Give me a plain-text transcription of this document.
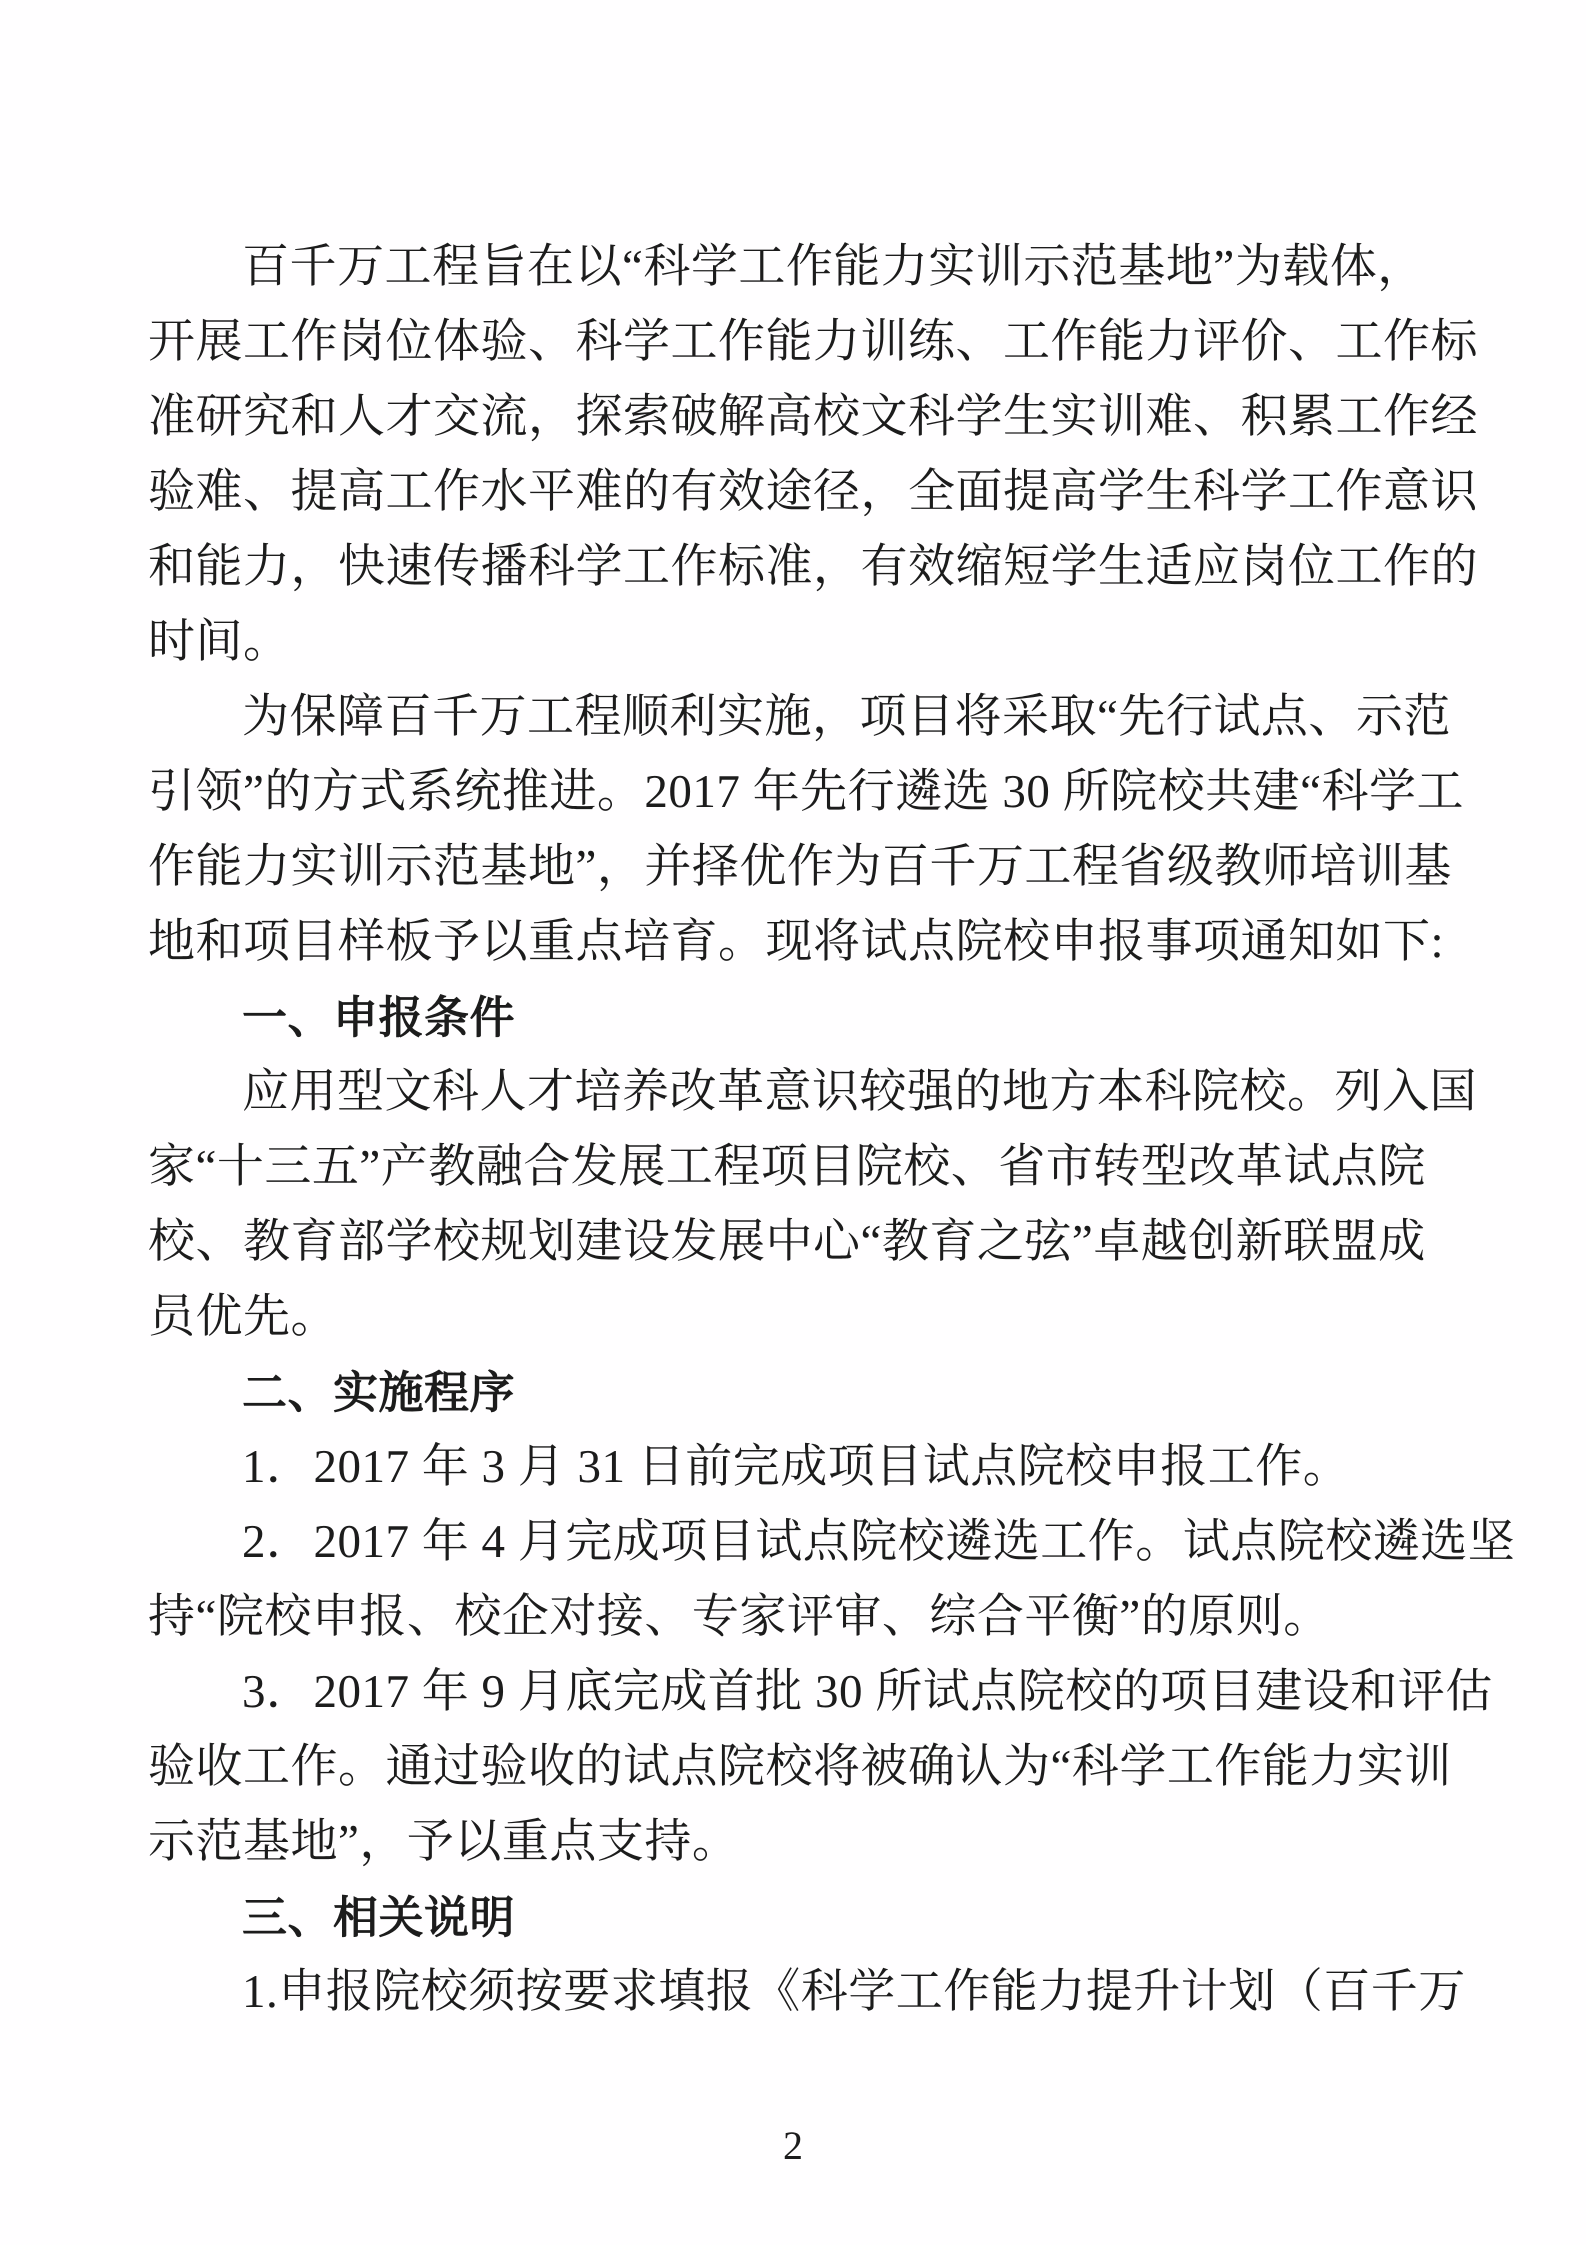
百千万工程旨在以“科学工作能力实训示范基地”为载体，
开展工作岗位体验、科学工作能力训练、工作能力评价、工作标
准研究和人才交流，探索破解高校文科学生实训难、积累工作经
验难、提高工作水平难的有效途径，全面提高学生科学工作意识
和能力，快速传播科学工作标准，有效缩短学生适应岗位工作的
时间。
为保障百千万工程顺利实施，项目将采取“先行试点、示范
引领”的方式系统推进。2017 年先行遴选 30 所院校共建“科学工
作能力实训示范基地”，并择优作为百千万工程省级教师培训基
地和项目样板予以重点培育。现将试点院校申报事项通知如下:
一、申报条件
应用型文科人才培养改革意识较强的地方本科院校。列入国
家“十三五”产教融合发展工程项目院校、省市转型改革试点院
校、教育部学校规划建设发展中心“教育之弦”卓越创新联盟成
员优先。
二、实施程序
1．2017 年 3 月 31 日前完成项目试点院校申报工作。
2．2017 年 4 月完成项目试点院校遴选工作。试点院校遴选坚
持“院校申报、校企对接、专家评审、综合平衡”的原则。
3．2017 年 9 月底完成首批 30 所试点院校的项目建设和评估
验收工作。通过验收的试点院校将被确认为“科学工作能力实训
示范基地”，予以重点支持。
三、相关说明
1.申报院校须按要求填报《科学工作能力提升计划（百千万
2
